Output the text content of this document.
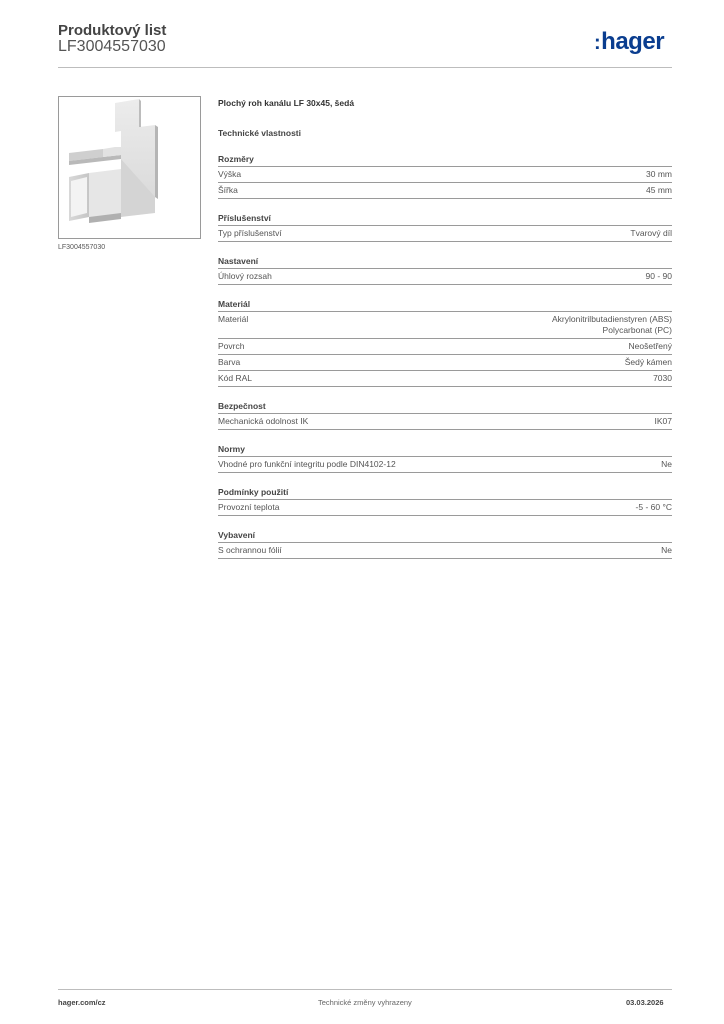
Produktový list
LF3004557030	:hager
LF3004557030
Plochý roh kanálu LF 30x45, šedá
Technické vlastnosti
Rozměry
Výška	30 mm
Šířka	45 mm
Příslušenství
Typ příslušenství	Tvarový díl
Nastavení
Úhlový rozsah	90 - 90
Materiál
Materiál	Akrylonitrilbutadienstyren (ABS)
Polycarbonat (PC)
Povrch	Neošetřený
Barva	Šedý kámen
Kód RAL	7030
Bezpečnost
Mechanická odolnost IK	IK07
Normy
Vhodné pro funkční integritu podle DIN4102-12	Ne
Podmínky použití
Provozní teplota	-5 - 60 °C
Vybavení
S ochrannou fólií	Ne
hager.com/cz	Technické změny vyhrazeny	03.03.2026
